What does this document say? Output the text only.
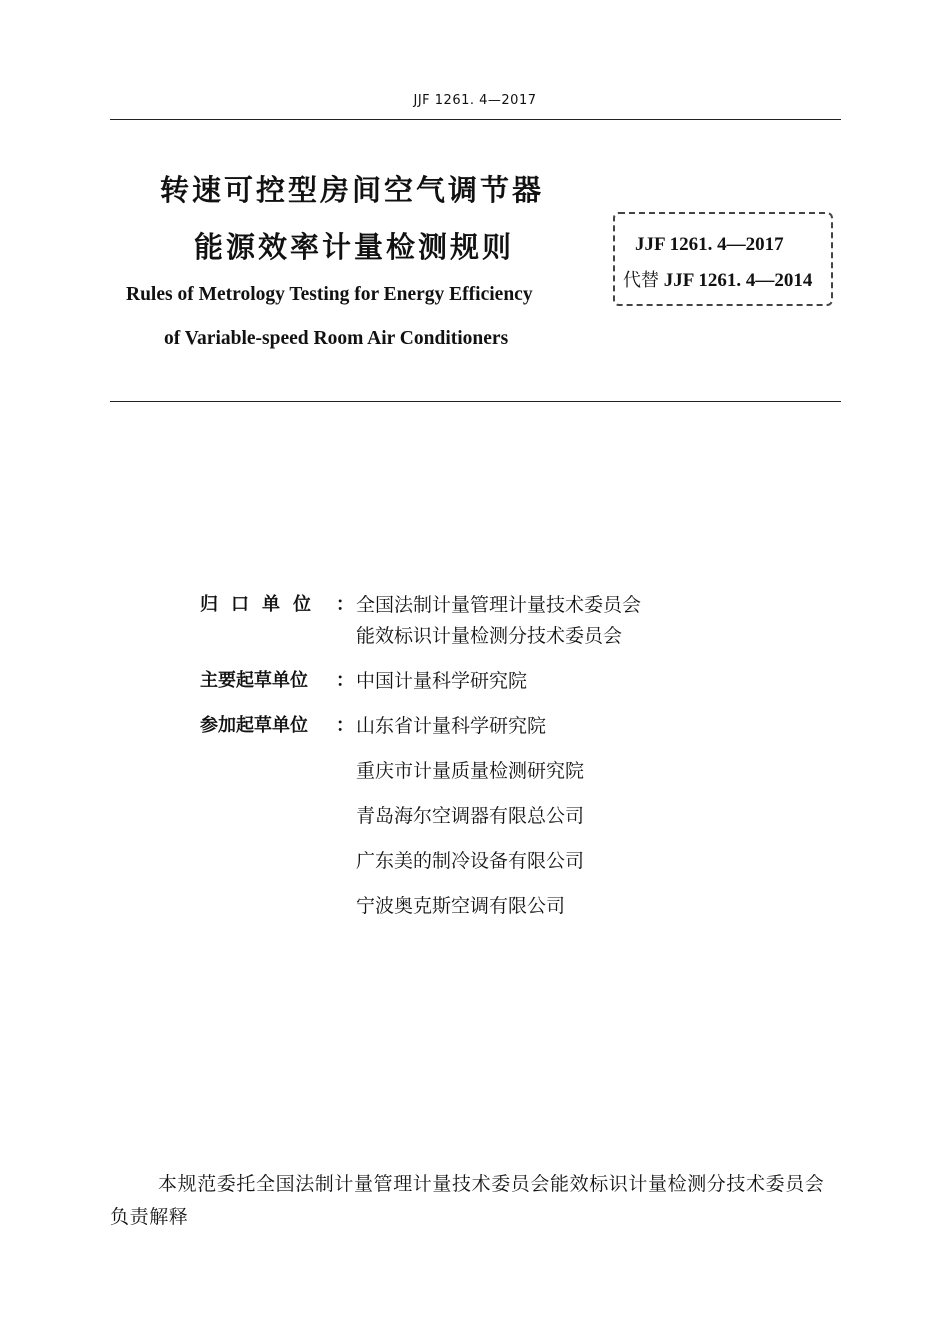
JJF 1261. 4—2017
转速可控型房间空气调节器
能源效率计量检测规则
Rules of Metrology Testing for Energy Efficiency
of Variable-speed Room Air Conditioners
JJF 1261. 4—2017
代替 JJF 1261. 4—2014
归口单位 ： 全国法制计量管理计量技术委员会
能效标识计量检测分技术委员会
主要起草单位	： 中国计量科学研究院
参加起草单位	： 山东省计量科学研究院
重庆市计量质量检测研究院
青岛海尔空调器有限总公司
广东美的制冷设备有限公司
宁波奥克斯空调有限公司
本规范委托全国法制计量管理计量技术委员会能效标识计量检测分技术委员会负责解释
